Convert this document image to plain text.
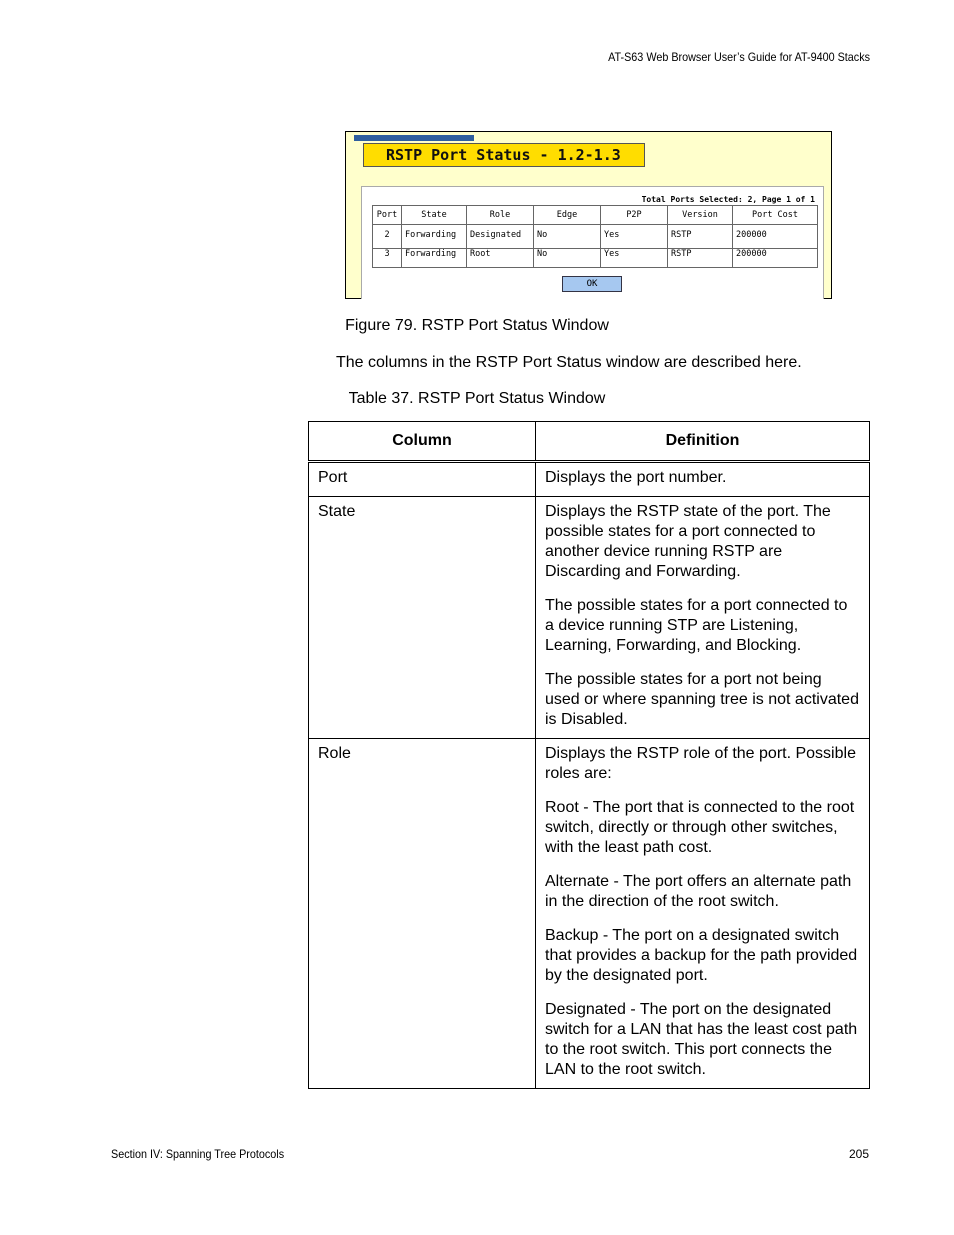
AT-S63 Web Browser User’s Guide for AT-9400 Stacks
RSTP Port Status - 1.2-1.3
Total Ports Selected: 2, Page 1 of 1
Port	State	Role	Edge	P2P	Version	Port Cost
2	Forwarding	Designated	No	Yes	RSTP	200000
3	Forwarding	Root	No	Yes	RSTP	200000
OK
Figure 79. RSTP Port Status Window
The columns in the RSTP Port Status window are described here.
Table 37. RSTP Port Status Window
Column	Definition
Port	Displays the port number.

State	Displays the RSTP state of the port. The possible states for a port connected to another device running RSTP are Discarding and Forwarding.

The possible states for a port connected to a device running STP are Listening, Learning, Forwarding, and Blocking.

The possible states for a port not being used or where spanning tree is not activated is Disabled.

Role	Displays the RSTP role of the port. Possible roles are:

Root - The port that is connected to the root switch, directly or through other switches, with the least path cost.

Alternate - The port offers an alternate path in the direction of the root switch.

Backup - The port on a designated switch that provides a backup for the path provided by the designated port.

Designated - The port on the designated switch for a LAN that has the least cost path to the root switch. This port connects the LAN to the root switch.

Section IV: Spanning Tree Protocols	205
